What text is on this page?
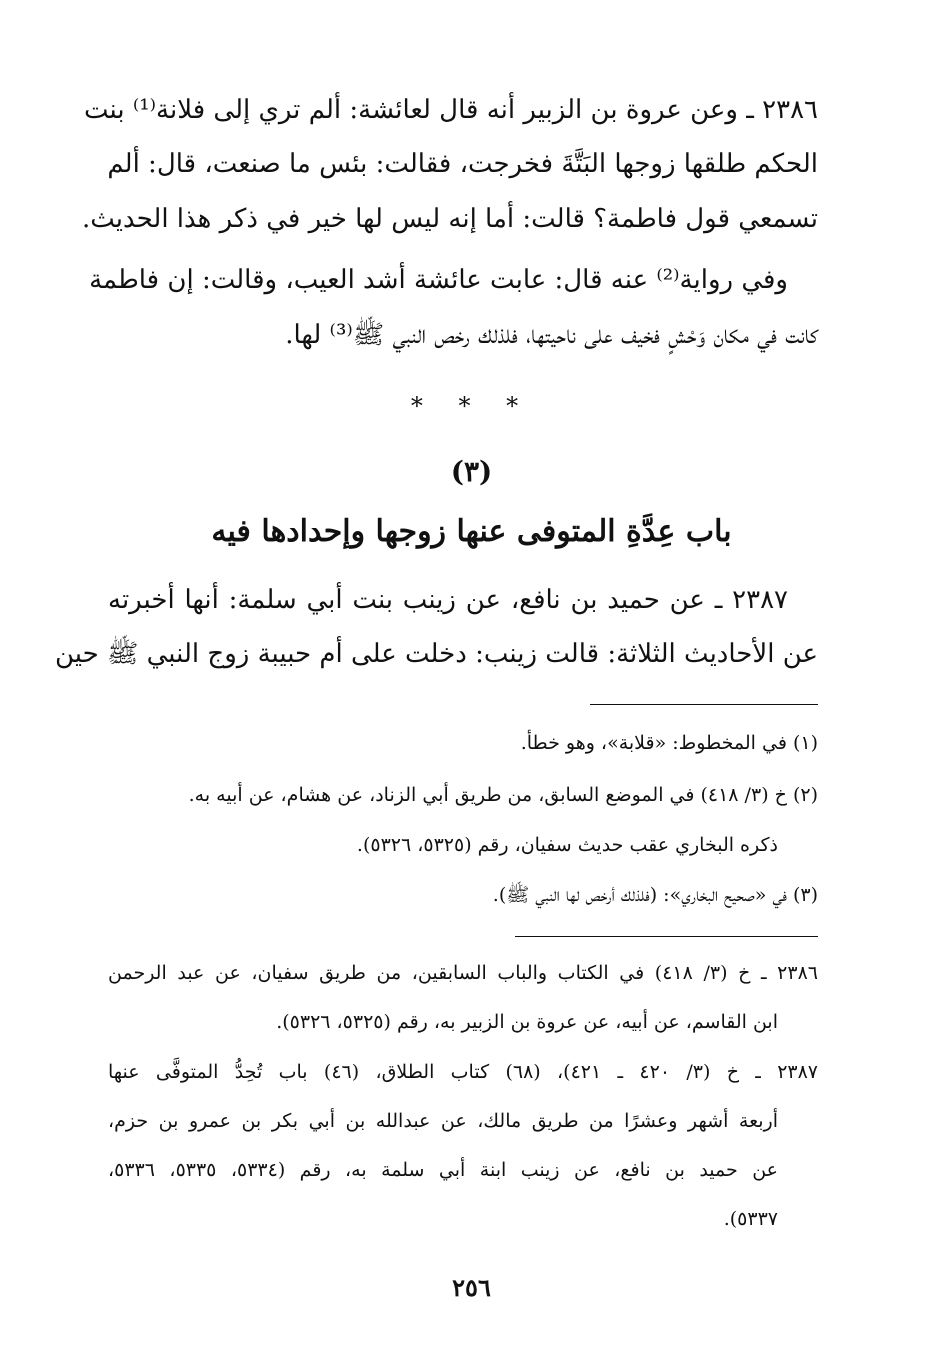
٢٣٨٦ ـ وعن عروة بن الزبير أنه قال لعائشة: ألم تري إلى فلانة⁽¹⁾ بنت
الحكم طلقها زوجها البَتَّةَ فخرجت، فقالت: بئس ما صنعت، قال: ألم
تسمعي قول فاطمة؟ قالت: أما إنه ليس لها خير في ذكر هذا الحديث.
وفي رواية⁽²⁾ عنه قال: عابت عائشة أشد العيب، وقالت: إن فاطمة
كانت في مكان وَحْشٍ فخيف على ناحيتها، فلذلك رخص النبي ﷺ⁽³⁾ لها.
* * *
(٣)
باب عِدَّةِ المتوفى عنها زوجها وإحدادها فيه
٢٣٨٧ ـ عن حميد بن نافع، عن زينب بنت أبي سلمة: أنها أخبرته
عن الأحاديث الثلاثة: قالت زينب: دخلت على أم حبيبة زوج النبي ﷺ حين
(١) في المخطوط: «قلابة»، وهو خطأ.
(٢) خ (٣/ ٤١٨) في الموضع السابق، من طريق أبي الزناد، عن هشام، عن أبيه به.
ذكره البخاري عقب حديث سفيان، رقم (٥٣٢٥، ٥٣٢٦).
(٣) في «صحيح البخاري»: (فلذلك أرخص لها النبي ﷺ).
٢٣٨٦ ـ خ (٣/ ٤١٨) في الكتاب والباب السابقين، من طريق سفيان، عن عبد الرحمن
ابن القاسم، عن أبيه، عن عروة بن الزبير به، رقم (٥٣٢٥، ٥٣٢٦).
٢٣٨٧ ـ خ (٣/ ٤٢٠ ـ ٤٢١)، (٦٨) كتاب الطلاق، (٤٦) باب تُحِدُّ المتوفَّى عنها
أربعة أشهر وعشرًا من طريق مالك، عن عبدالله بن أبي بكر بن عمرو بن حزم،
عن حميد بن نافع، عن زينب ابنة أبي سلمة به، رقم (٥٣٣٤، ٥٣٣٥، ٥٣٣٦،
٥٣٣٧).
٢٥٦
